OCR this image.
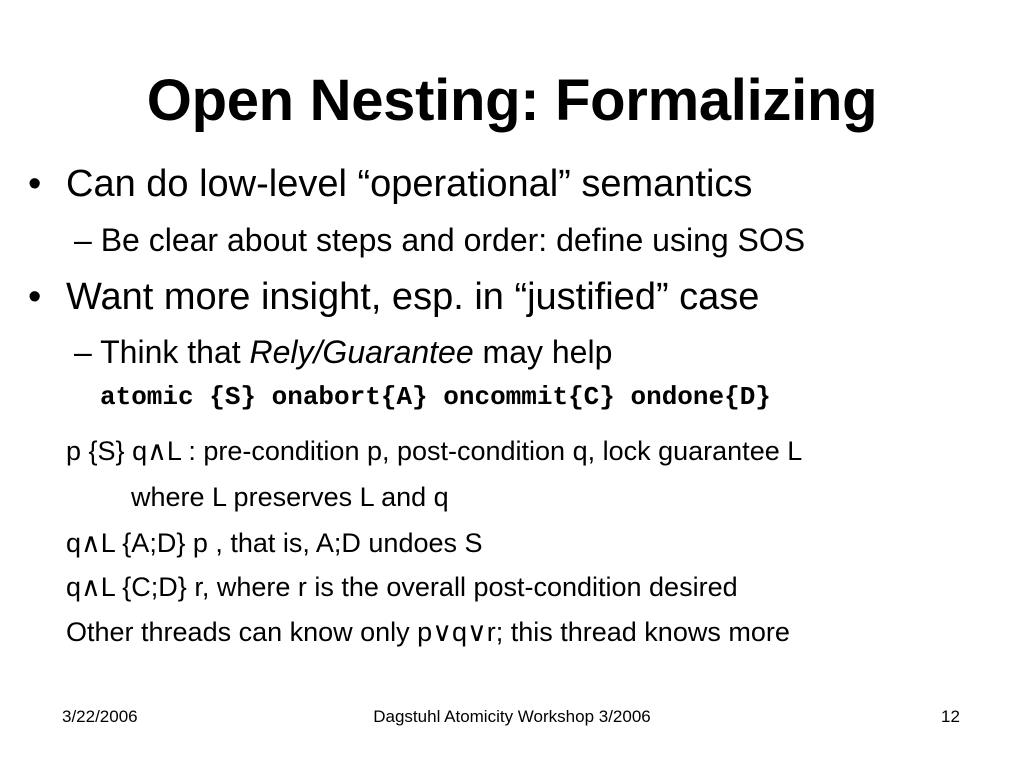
Open Nesting: Formalizing
• Can do low-level “operational” semantics
– Be clear about steps and order: define using SOS
• Want more insight, esp. in “justified” case
– Think that Rely/Guarantee may help
atomic {S} onabort{A} oncommit{C} ondone{D}
p {S} q∧L : pre-condition p, post-condition q, lock guarantee L
where L preserves L and q
q∧L {A;D} p , that is, A;D undoes S
q∧L {C;D} r, where r is the overall post-condition desired
Other threads can know only p∨q∨r; this thread knows more
3/22/2006	Dagstuhl Atomicity Workshop 3/2006	12
